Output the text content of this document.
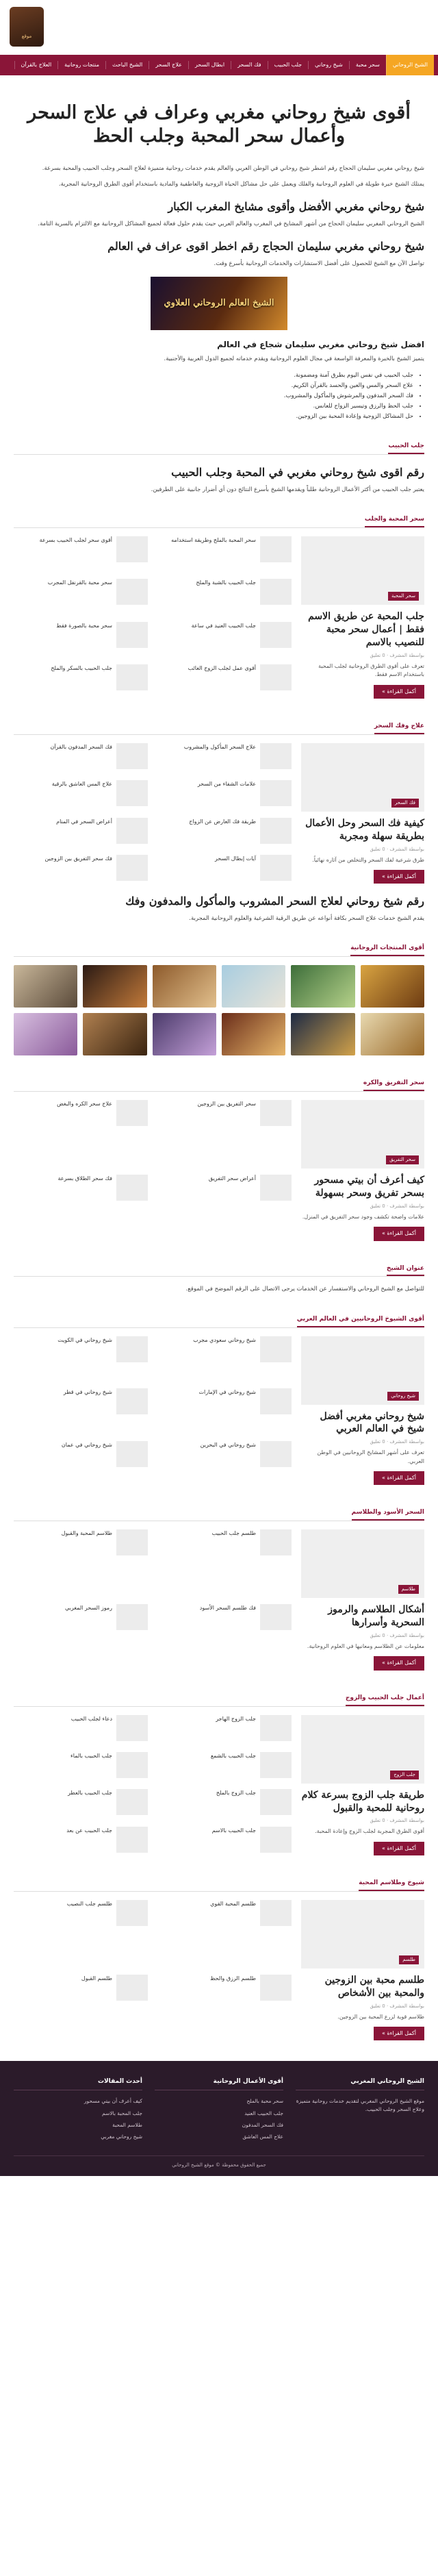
موقع
الشيخ الروحاني
سحر محبة
شيخ روحاني
جلب الحبيب
فك السحر
ابطال السحر
علاج السحر
الشيخ الباحث
منتجات روحانية
العلاج بالقرآن
أقوى شيخ روحاني مغربي وعراف في علاج السحر وأعمال سحر المحبة وجلب الحظ

شيخ روحاني مغربي سليمان الحجاج رقم اشطر شيخ روحاني في الوطن العربي والعالم يقدم خدمات روحانية متميزة لعلاج السحر وجلب الحبيب والمحبة بسرعة.

يمتلك الشيخ خبرة طويلة في العلوم الروحانية والفلك ويعمل على حل مشاكل الحياة الزوجية والعاطفية والمادية باستخدام أقوى الطرق الروحانية المجربة.

شيخ روحاني مغربي الأفضل وأقوى مشايخ المغرب الكبار

الشيخ الروحاني المغربي سليمان الحجاج من أشهر المشايخ في المغرب والعالم العربي حيث يقدم حلول فعالة لجميع المشاكل الروحانية مع الالتزام بالسرية التامة.

شيخ روحاني مغربي سليمان الحجاج رقم اخطر اقوى عراف في العالم

تواصل الآن مع الشيخ للحصول على أفضل الاستشارات والخدمات الروحانية بأسرع وقت.

الشيخ العالم الروحاني العلاوي
افضل شيخ روحاني مغربي سليمان شجاع في العالم

يتميز الشيخ بالخبرة والمعرفة الواسعة في مجال العلوم الروحانية ويقدم خدماته لجميع الدول العربية والأجنبية.

• جلب الحبيب في نفس اليوم بطرق آمنة ومضمونة.
• علاج السحر والمس والعين والحسد بالقرآن الكريم.
• فك السحر المدفون والمرشوش والمأكول والمشروب.
• جلب الحظ والرزق وتيسير الزواج للعانس.
• حل المشاكل الزوجية وإعادة المحبة بين الزوجين.
جلب الحبيب
رقم اقوى شيخ روحاني مغربي في المحبة وجلب الحبيب

يعتبر جلب الحبيب من أكثر الأعمال الروحانية طلباً ويقدمها الشيخ بأسرع النتائج دون أي أضرار جانبية على الطرفين.

سحر المحبة والجلب
سحر المحبة
جلب المحبة عن طريق الاسم فقط | أعمال سحر محبة للنصيب بالاسم
بواسطة المشرف · 0 تعليق
تعرف على أقوى الطرق الروحانية لجلب المحبة باستخدام الاسم فقط.
أكمل القراءة »
سحر المحبة بالملح وطريقة استخدامه
أقوى سحر لجلب الحبيب بسرعة
جلب الحبيب بالشبة والملح
سحر محبة بالقرنفل المجرب
جلب الحبيب العنيد في ساعة
سحر محبة بالصورة فقط
أقوى عمل لجلب الزوج الغائب
جلب الحبيب بالسكر والملح
علاج وفك السحر
فك السحر
كيفية فك السحر وحل الأعمال بطريقة سهلة ومجربة
بواسطة المشرف · 0 تعليق
طرق شرعية لفك السحر والتخلص من آثاره نهائياً.
أكمل القراءة »
علاج السحر المأكول والمشروب
فك السحر المدفون بالقرآن
علامات الشفاء من السحر
علاج المس العاشق بالرقية
طريقة فك العارض عن الزواج
أعراض السحر في المنام
آيات إبطال السحر
فك سحر التفريق بين الزوجين
رقم شيخ روحاني لعلاج السحر المشروب والمأكول والمدفون وفك

يقدم الشيخ خدمات علاج السحر بكافة أنواعه عن طريق الرقية الشرعية والعلوم الروحانية المجربة.

أقوى المنتجات الروحانية
سحر التفريق والكره
سحر التفريق
كيف أعرف أن بيتي مسحور بسحر تفريق وسحر بسهولة
بواسطة المشرف · 0 تعليق
علامات واضحة تكشف وجود سحر التفريق في المنزل.
أكمل القراءة »
سحر التفريق بين الزوجين
علاج سحر الكره والبغض
أعراض سحر التفريق
فك سحر الطلاق بسرعة
عنوان الشيخ

للتواصل مع الشيخ الروحاني والاستفسار عن الخدمات يرجى الاتصال على الرقم الموضح في الموقع.

أقوى الشيوخ الروحانيين في العالم العربي
شيخ روحاني
شيخ روحاني مغربي أفضل شيخ في العالم العربي
بواسطة المشرف · 0 تعليق
تعرف على أشهر المشايخ الروحانيين في الوطن العربي.
أكمل القراءة »
شيخ روحاني سعودي مجرب
شيخ روحاني في الكويت
شيخ روحاني في الإمارات
شيخ روحاني في قطر
شيخ روحاني في البحرين
شيخ روحاني في عمان
السحر الأسود والطلاسم
طلاسم
أشكال الطلاسم والرموز السحرية وأسرارها
بواسطة المشرف · 0 تعليق
معلومات عن الطلاسم ومعانيها في العلوم الروحانية.
أكمل القراءة »
طلسم جلب الحبيب
طلاسم المحبة والقبول
فك طلسم السحر الأسود
رموز السحر المغربي
أعمال جلب الحبيب والزوج
جلب الزوج
طريقة جلب الزوج بسرعة كلام روحانية للمحبة والقبول
بواسطة المشرف · 0 تعليق
أقوى الطرق المجربة لجلب الزوج وإعادة المحبة.
أكمل القراءة »
جلب الزوج الهاجر
دعاء لجلب الحبيب
جلب الحبيب بالشمع
جلب الحبيب بالماء
جلب الزوج بالملح
جلب الحبيب بالعطر
جلب الحبيب بالاسم
جلب الحبيب عن بعد
شيوخ وطلاسم المحبة
طلسم
طلسم محبة بين الزوجين والمحبة بين الأشخاص
بواسطة المشرف · 0 تعليق
طلاسم قوية لزرع المحبة بين الزوجين.
أكمل القراءة »
طلسم المحبة القوي
طلسم جلب النصيب
طلسم الرزق والحظ
طلسم القبول
الشيخ الروحاني المغربي

موقع الشيخ الروحاني المغربي لتقديم خدمات روحانية متميزة وعلاج السحر وجلب الحبيب.

أقوى الأعمال الروحانية

سحر محبة بالملح

جلب الحبيب العنيد

فك السحر المدفون

علاج المس العاشق

أحدث المقالات

كيف أعرف أن بيتي مسحور

جلب المحبة بالاسم

طلاسم المحبة

شيخ روحاني مغربي

جميع الحقوق محفوظة © موقع الشيخ الروحاني
